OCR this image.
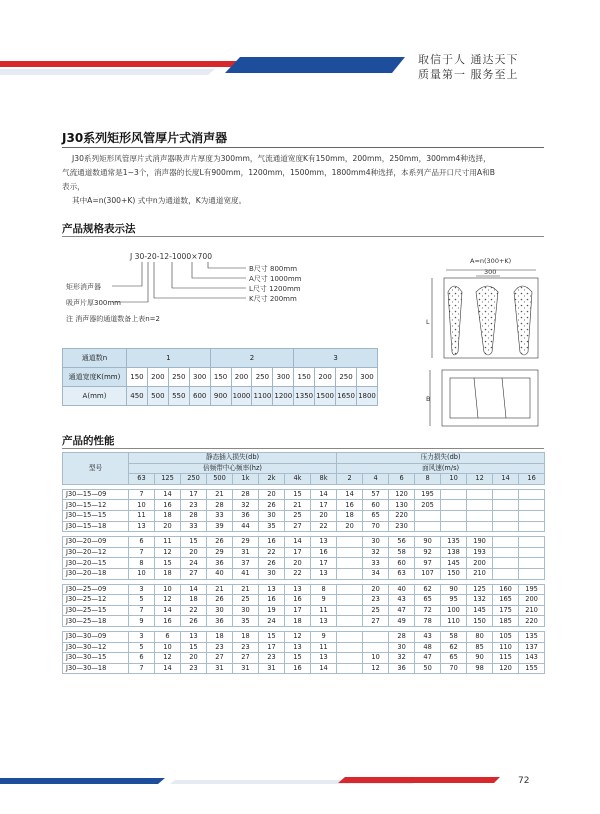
取信于人 通达天下
质量第一 服务至上
J30系列矩形风管厚片式消声器
J30系列矩形风管厚片式消声器吸声片厚度为300mm，气流通道宽度K有150mm，200mm，250mm，300mm4种选择，
气流通道数通常是1~3个，消声器的长度L有900mm，1200mm，1500mm，1800mm4种选择，本系列产品开口尺寸用A和B
表示，
其中A=n(300+K) 式中n为通道数，K为通道宽度。
产品规格表示法
J 30-20-12-1000×700
B尺寸 800mm
A尺寸 1000mm
L尺寸 1200mm
K尺寸 200mm
矩形消声器
吸声片厚300mm
注 消声器的通道数备上表n=2
A=n(300+K)
300
L
B
通道数n	1				2				3			
通道宽度K(mm)	150	200	250	300	150	200	250	300	150	200	250	300
A(mm)	450	500	550	600	900	1000	1100	1200	1350	1500	1650	1800
产品的性能
型号	静态插入损失(db)								压力损失(db)							
	倍频带中心频率(hz)								面风速(m/s)							
	63	125	250	500	1k	2k	4k	8k	2	4	6	8	10	12	14	16

J30—15—09	7	14	17	21	28	20	15	14	14	57	120	195				
J30—15—12	10	16	23	28	32	26	21	17	16	60	130	205				
J30—15—15	11	18	28	33	36	30	25	20	18	65	220					
J30—15—18	13	20	33	39	44	35	27	22	20	70	230					

J30—20—09	6	11	15	26	29	16	14	13		30	56	90	135	190		
J30—20—12	7	12	20	29	31	22	17	16		32	58	92	138	193		
J30—20—15	8	15	24	36	37	26	20	17		33	60	97	145	200		
J30—20—18	10	18	27	40	41	30	22	13		34	63	107	150	210		

J30—25—09	3	10	14	21	21	13	13	8		20	40	62	90	125	160	195
J30—25—12	5	12	18	26	25	16	16	9		23	43	65	95	132	165	200
J30—25—15	7	14	22	30	30	19	17	11		25	47	72	100	145	175	210
J30—25—18	9	16	26	36	35	24	18	13		27	49	78	110	150	185	220

J30—30—09	3	6	13	18	18	15	12	9			28	43	58	80	105	135
J30—30—12	5	10	15	23	23	17	13	11			30	48	62	85	110	137
J30—30—15	6	12	20	27	27	23	15	13		10	32	47	65	90	115	143
J30—30—18	7	14	23	31	31	31	16	14		12	36	50	70	98	120	155
72
